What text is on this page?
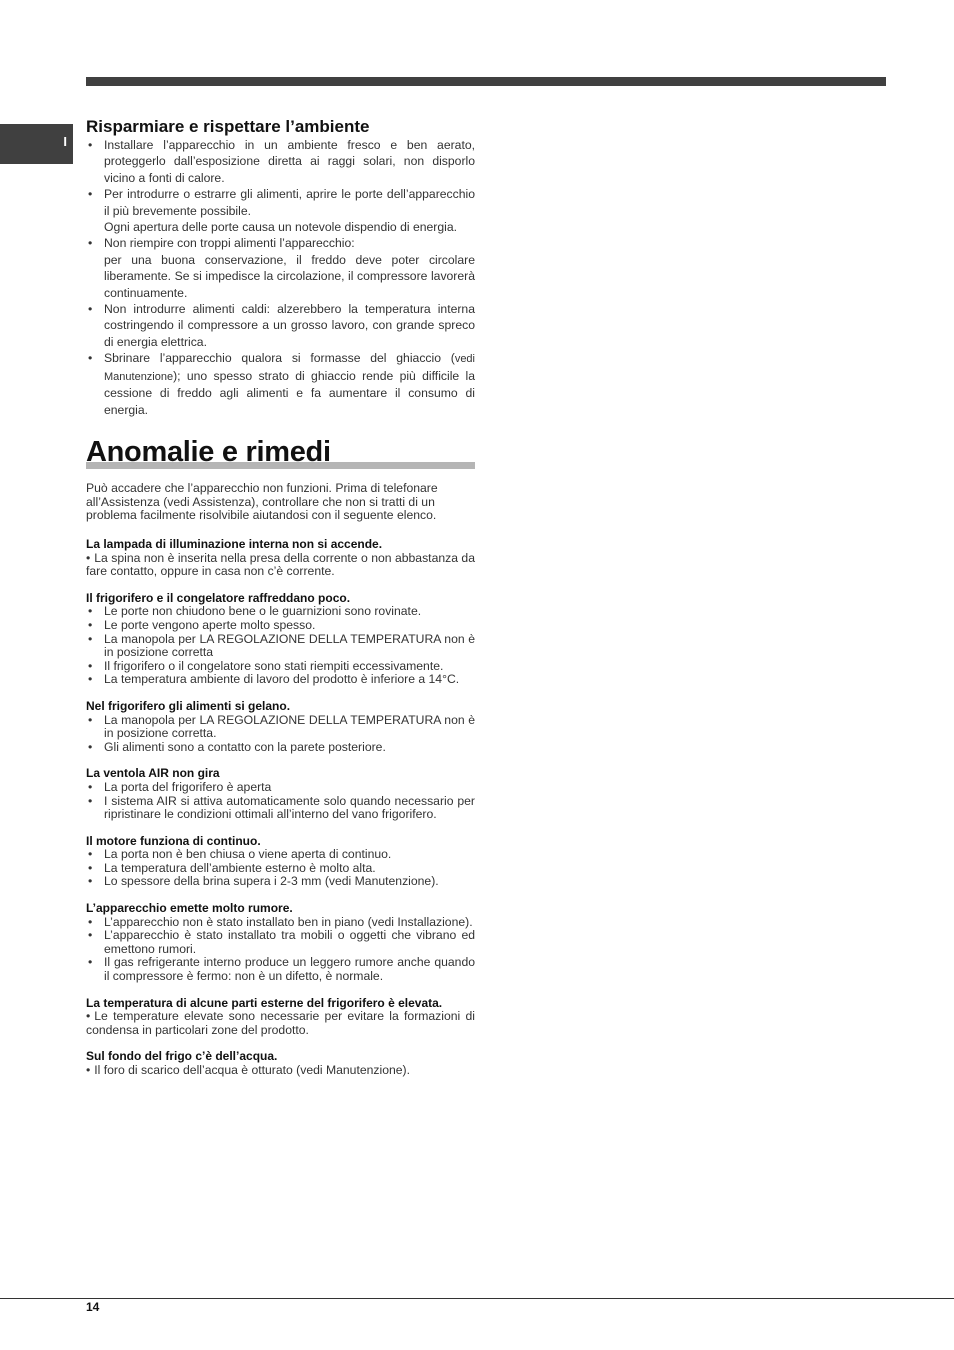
I
Risparmiare e rispettare l’ambiente
• Installare l’apparecchio in un ambiente fresco e ben aerato, proteggerlo dall’esposizione diretta ai raggi solari, non disporlo vicino a fonti di calore.
• Per introdurre o estrarre gli alimenti, aprire le porte dell’apparecchio il più brevemente possibile.
Ogni apertura delle porte causa un notevole dispendio di energia.
• Non riempire con troppi alimenti l’apparecchio:
per una buona conservazione, il freddo deve poter circolare liberamente. Se si impedisce la circolazione, il compressore lavorerà continuamente.
• Non introdurre alimenti caldi: alzerebbero la temperatura interna costringendo il compressore a un grosso lavoro, con grande spreco di energia elettrica.
• Sbrinare l’apparecchio qualora si formasse del ghiaccio (vedi Manutenzione); uno spesso strato di ghiaccio rende più difficile la cessione di freddo agli alimenti e fa aumentare il consumo di energia.
Anomalie e rimedi

Può accadere che l’apparecchio non funzioni. Prima di telefonare all’Assistenza (vedi Assistenza), controllare che non si tratti di un problema facilmente risolvibile aiutandosi con il seguente elenco.

La lampada di illuminazione interna non si accende.
• La spina non è inserita nella presa della corrente o non abbastanza da fare contatto, oppure in casa non c’è corrente.
Il frigorifero e il congelatore raffreddano poco.
• Le porte non chiudono bene o le guarnizioni sono rovinate.
• Le porte vengono aperte molto spesso.
• La manopola per LA REGOLAZIONE DELLA TEMPERATURA non è in posizione corretta
• Il frigorifero o il congelatore sono stati riempiti eccessivamente.
• La temperatura ambiente di lavoro del prodotto è inferiore a 14°C.
Nel frigorifero gli alimenti si gelano.
• La manopola per LA REGOLAZIONE DELLA TEMPERATURA non è in posizione corretta.
• Gli alimenti sono a contatto con la parete posteriore.
La ventola AIR non gira
• La porta del frigorifero è aperta
• I sistema AIR si attiva automaticamente solo quando necessario per ripristinare le condizioni ottimali all’interno del vano frigorifero.
Il motore funziona di continuo.
• La porta non è ben chiusa o viene aperta di continuo.
• La temperatura dell’ambiente esterno è molto alta.
• Lo spessore della brina supera i 2-3 mm (vedi Manutenzione).
L’apparecchio emette molto rumore.
• L’apparecchio non è stato installato ben in piano (vedi Installazione).
• L’apparecchio è stato installato tra mobili o oggetti che vibrano ed emettono rumori.
• Il gas refrigerante interno produce un leggero rumore anche quando il compressore è fermo: non è un difetto, è normale.
La temperatura di alcune parti esterne del frigorifero è elevata.
• Le temperature elevate sono necessarie per evitare la formazioni di condensa in particolari zone del prodotto.
Sul fondo del frigo c’è dell’acqua.
• Il foro di scarico dell’acqua è otturato (vedi Manutenzione).
14
